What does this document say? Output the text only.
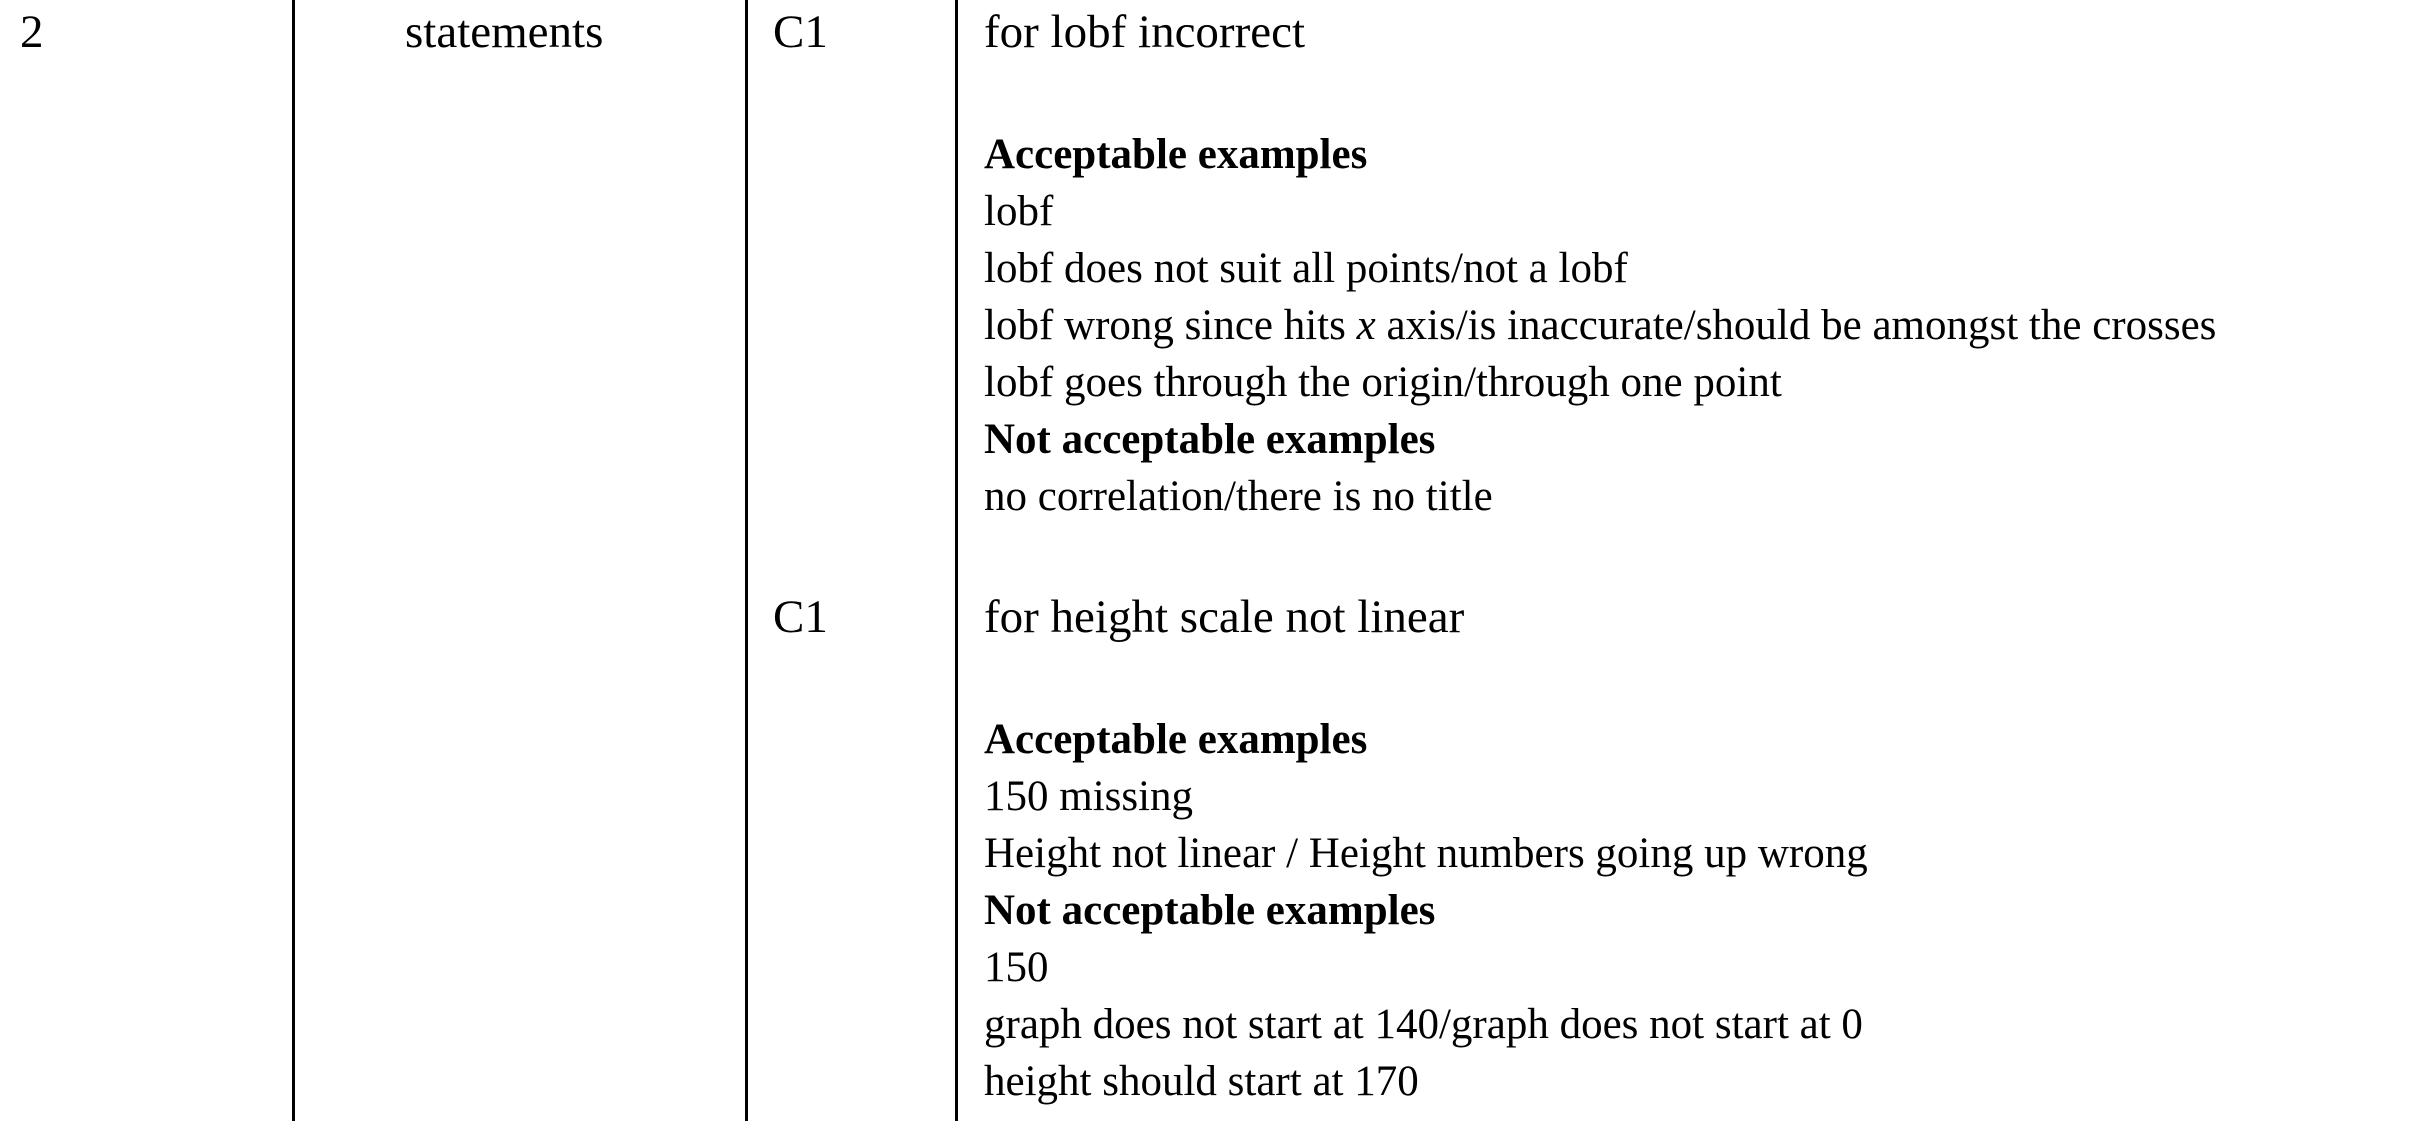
2	statements	C1	for lobf incorrect
Acceptable examples
lobf
lobf does not suit all points/not a lobf
lobf wrong since hits x axis/is inaccurate/should be amongst the crosses
lobf goes through the origin/through one point
Not acceptable examples
no correlation/there is no title
C1	for height scale not linear
Acceptable examples
150 missing
Height not linear / Height numbers going up wrong
Not acceptable examples
150
graph does not start at 140/graph does not start at 0
height should start at 170
